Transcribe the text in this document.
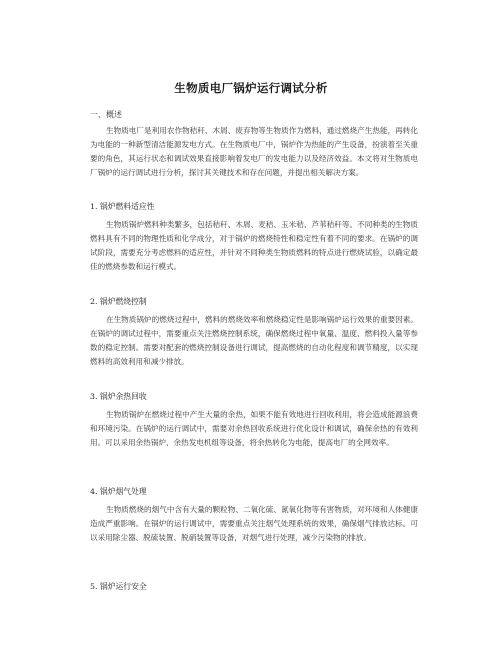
生物质电厂锅炉运行调试分析
一、概述

生物质电厂是利用农作物秸秆、木屑、废弃物等生物质作为燃料，通过燃烧产生热能，再转化为电能的一种新型清洁能源发电方式。在生物质电厂中，锅炉作为热能的产生设备，扮演着至关重要的角色，其运行状态和调试效果直接影响着发电厂的发电能力以及经济效益。本文将对生物质电厂锅炉的运行调试进行分析，探讨其关键技术和存在问题，并提出相关解决方案。

1. 锅炉燃料适应性

生物质锅炉燃料种类繁多，包括秸秆、木屑、麦秸、玉米秸、芦苇秸秆等。不同种类的生物质燃料具有不同的物理性质和化学成分，对于锅炉的燃烧特性和稳定性有着不同的要求。在锅炉的调试阶段，需要充分考虑燃料的适应性，并针对不同种类生物质燃料的特点进行燃烧试验，以确定最佳的燃烧参数和运行模式。

2. 锅炉燃烧控制

在生物质锅炉的燃烧过程中，燃料的燃烧效率和燃烧稳定性是影响锅炉运行效果的重要因素。在锅炉的调试过程中，需要重点关注燃烧控制系统，确保燃烧过程中氧量、温度、燃料投入量等参数的稳定控制。需要对配套的燃烧控制设备进行调试，提高燃烧的自动化程度和调节精度，以实现燃料的高效利用和减少排放。

3. 锅炉余热回收

生物质锅炉在燃烧过程中产生大量的余热，如果不能有效地进行回收利用，将会造成能源浪费和环境污染。在锅炉的运行调试中，需要对余热回收系统进行优化设计和调试，确保余热的有效利用。可以采用余热锅炉、余热发电机组等设备，将余热转化为电能，提高电厂的全网效率。

4. 锅炉烟气处理

生物质燃烧的烟气中含有大量的颗粒物、二氧化硫、氮氧化物等有害物质，对环境和人体健康造成严重影响。在锅炉的运行调试中，需要重点关注烟气处理系统的效果，确保烟气排放达标。可以采用除尘器、脱硫装置、脱硝装置等设备，对烟气进行处理，减少污染物的排放。

5. 锅炉运行安全
